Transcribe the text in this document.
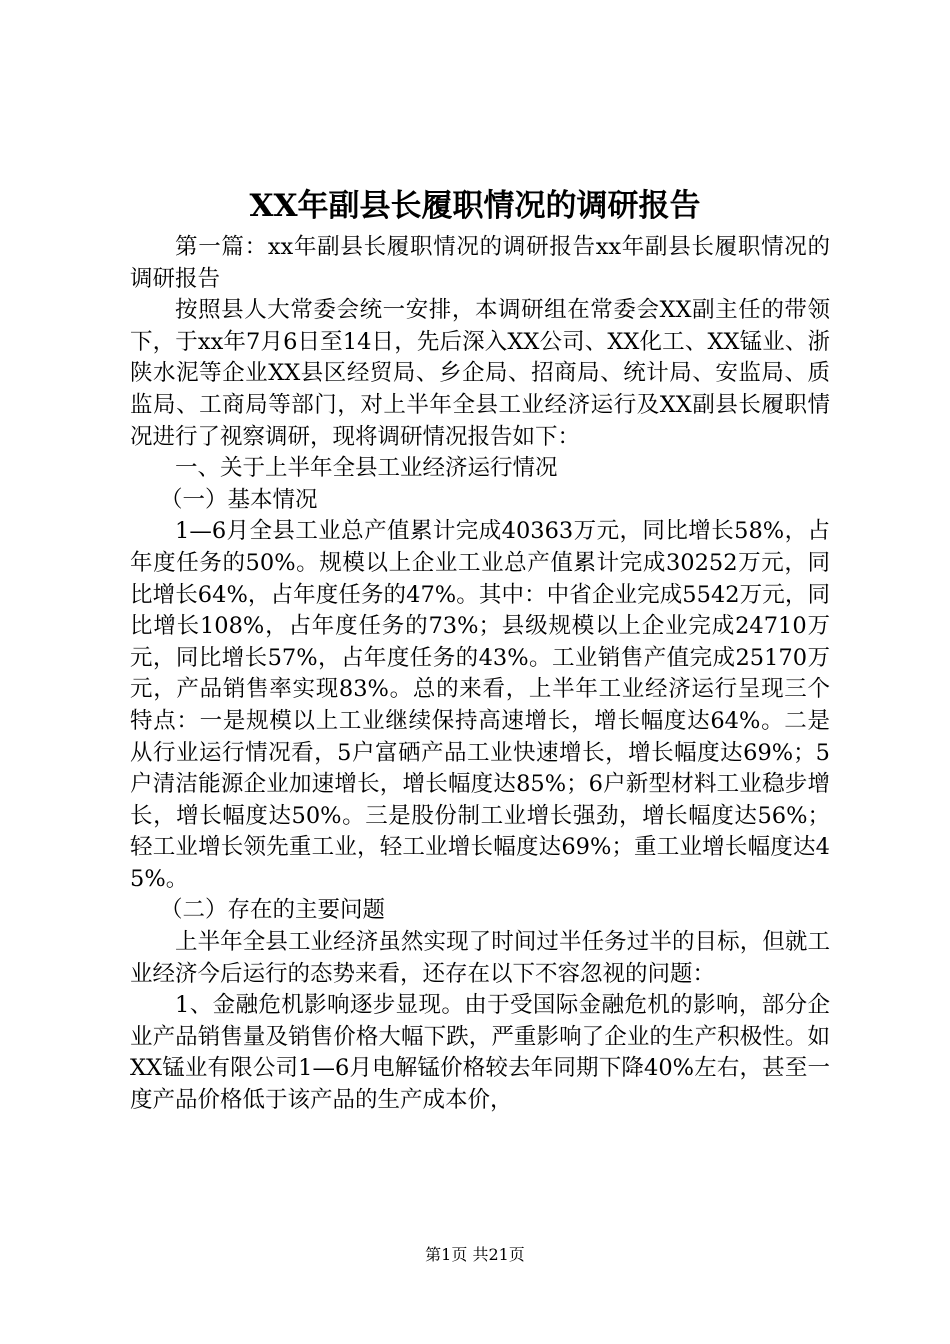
XX年副县长履职情况的调研报告

第一篇：xx年副县长履职情况的调研报告xx年副县长履职情况的调研报告

按照县人大常委会统一安排，本调研组在常委会XX副主任的带领下，于xx年7月6日至14日，先后深入XX公司、XX化工、XX锰业、浙陕水泥等企业XX县区经贸局、乡企局、招商局、统计局、安监局、质监局、工商局等部门，对上半年全县工业经济运行及XX副县长履职情况进行了视察调研，现将调研情况报告如下：

一、关于上半年全县工业经济运行情况

（一）基本情况

1—6月全县工业总产值累计完成40363万元，同比增长58%，占年度任务的50%。规模以上企业工业总产值累计完成30252万元，同比增长64%，占年度任务的47%。其中：中省企业完成5542万元，同比增长108%，占年度任务的73%；县级规模以上企业完成24710万元，同比增长57%，占年度任务的43%。工业销售产值完成25170万元，产品销售率实现83%。总的来看，上半年工业经济运行呈现三个特点：一是规模以上工业继续保持高速增长，增长幅度达64%。二是从行业运行情况看，5户富硒产品工业快速增长，增长幅度达69%；5户清洁能源企业加速增长，增长幅度达85%；6户新型材料工业稳步增长，增长幅度达50%。三是股份制工业增长强劲，增长幅度达56%；轻工业增长领先重工业，轻工业增长幅度达69%；重工业增长幅度达45%。

（二）存在的主要问题

上半年全县工业经济虽然实现了时间过半任务过半的目标，但就工业经济今后运行的态势来看，还存在以下不容忽视的问题：

1、金融危机影响逐步显现。由于受国际金融危机的影响，部分企业产品销售量及销售价格大幅下跌，严重影响了企业的生产积极性。如XX锰业有限公司1—6月电解锰价格较去年同期下降40%左右，甚至一度产品价格低于该产品的生产成本价，

第1页 共21页
